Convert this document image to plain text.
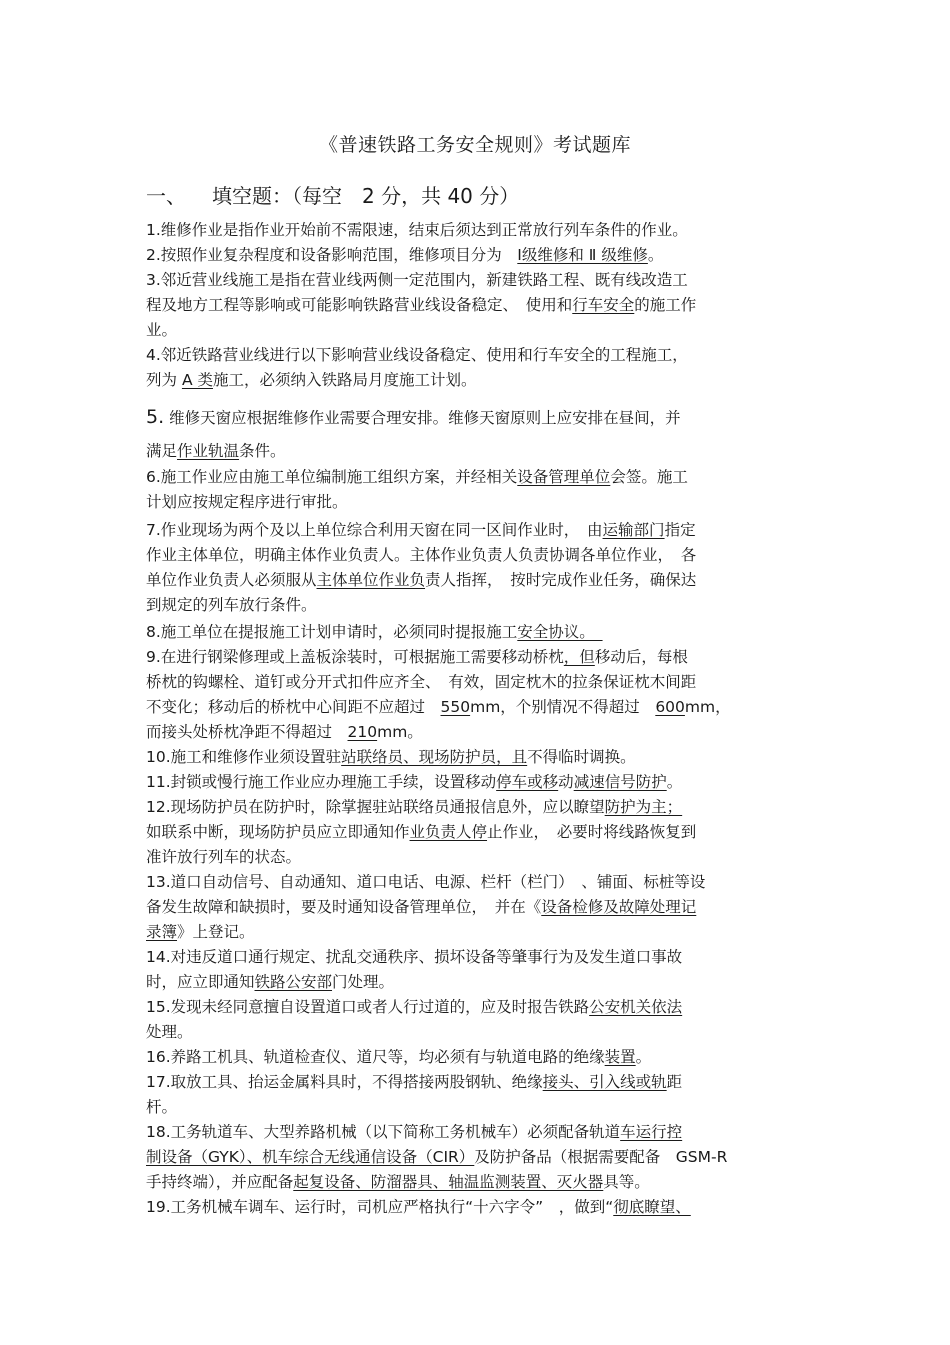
《普速铁路工务安全规则》考试题库
一、 填空题：（每空　2 分，共 40 分）
1.维修作业是指作业开始前不需限速，结束后须达到正常放行列车条件的作业。
2.按照作业复杂程度和设备影响范围，维修项目分为　Ⅰ级维修和 Ⅱ 级维修。
3.邻近营业线施工是指在营业线两侧一定范围内，新建铁路工程、既有线改造工
程及地方工程等影响或可能影响铁路营业线设备稳定、　使用和行车安全的施工作
业。
4.邻近铁路营业线进行以下影响营业线设备稳定、使用和行车安全的工程施工，
列为 A 类施工，必须纳入铁路局月度施工计划。
5. 维修天窗应根据维修作业需要合理安排。维修天窗原则上应安排在昼间，并
满足作业轨温条件。
6.施工作业应由施工单位编制施工组织方案，并经相关设备管理单位会签。施工
计划应按规定程序进行审批。
7.作业现场为两个及以上单位综合利用天窗在同一区间作业时，　由运输部门指定
作业主体单位，明确主体作业负责人。主体作业负责人负责协调各单位作业，　各
单位作业负责人必须服从主体单位作业负责人指挥，　按时完成作业任务，确保达
到规定的列车放行条件。
8.施工单位在提报施工计划申请时，必须同时提报施工安全协议。　
9.在进行钢梁修理或上盖板涂装时，可根据施工需要移动桥枕，但移动后，每根
桥枕的钩螺栓、道钉或分开式扣件应齐全、　有效，固定枕木的拉条保证枕木间距
不变化；移动后的桥枕中心间距不应超过　550mm，个别情况不得超过　600mm，
而接头处桥枕净距不得超过　210mm。
10.施工和维修作业须设置驻站联络员、现场防护员，且不得临时调换。
11.封锁或慢行施工作业应办理施工手续，设置移动停车或移动减速信号防护。
12.现场防护员在防护时，除掌握驻站联络员通报信息外，应以瞭望防护为主；
如联系中断，现场防护员应立即通知作业负责人停止作业，　必要时将线路恢复到
准许放行列车的状态。
13.道口自动信号、自动通知、道口电话、电源、栏杆（栏门）　、铺面、标桩等设
备发生故障和缺损时，要及时通知设备管理单位，　并在《设备检修及故障处理记
录簿》上登记。
14.对违反道口通行规定、扰乱交通秩序、损坏设备等肇事行为及发生道口事故
时，应立即通知铁路公安部门处理。
15.发现未经同意擅自设置道口或者人行过道的，应及时报告铁路公安机关依法
处理。
16.养路工机具、轨道检查仪、道尺等，均必须有与轨道电路的绝缘装置。
17.取放工具、抬运金属料具时，不得搭接两股钢轨、绝缘接头、引入线或轨距
杆。
18.工务轨道车、大型养路机械（以下简称工务机械车）必须配备轨道车运行控
制设备（GYK）、机车综合无线通信设备（CIR）及防护备品（根据需要配备　GSM-R
手持终端），并应配备起复设备、防溜器具、轴温监测装置、灭火器具等。
19.工务机械车调车、运行时，司机应严格执行“十六字令”　，做到“彻底瞭望、
